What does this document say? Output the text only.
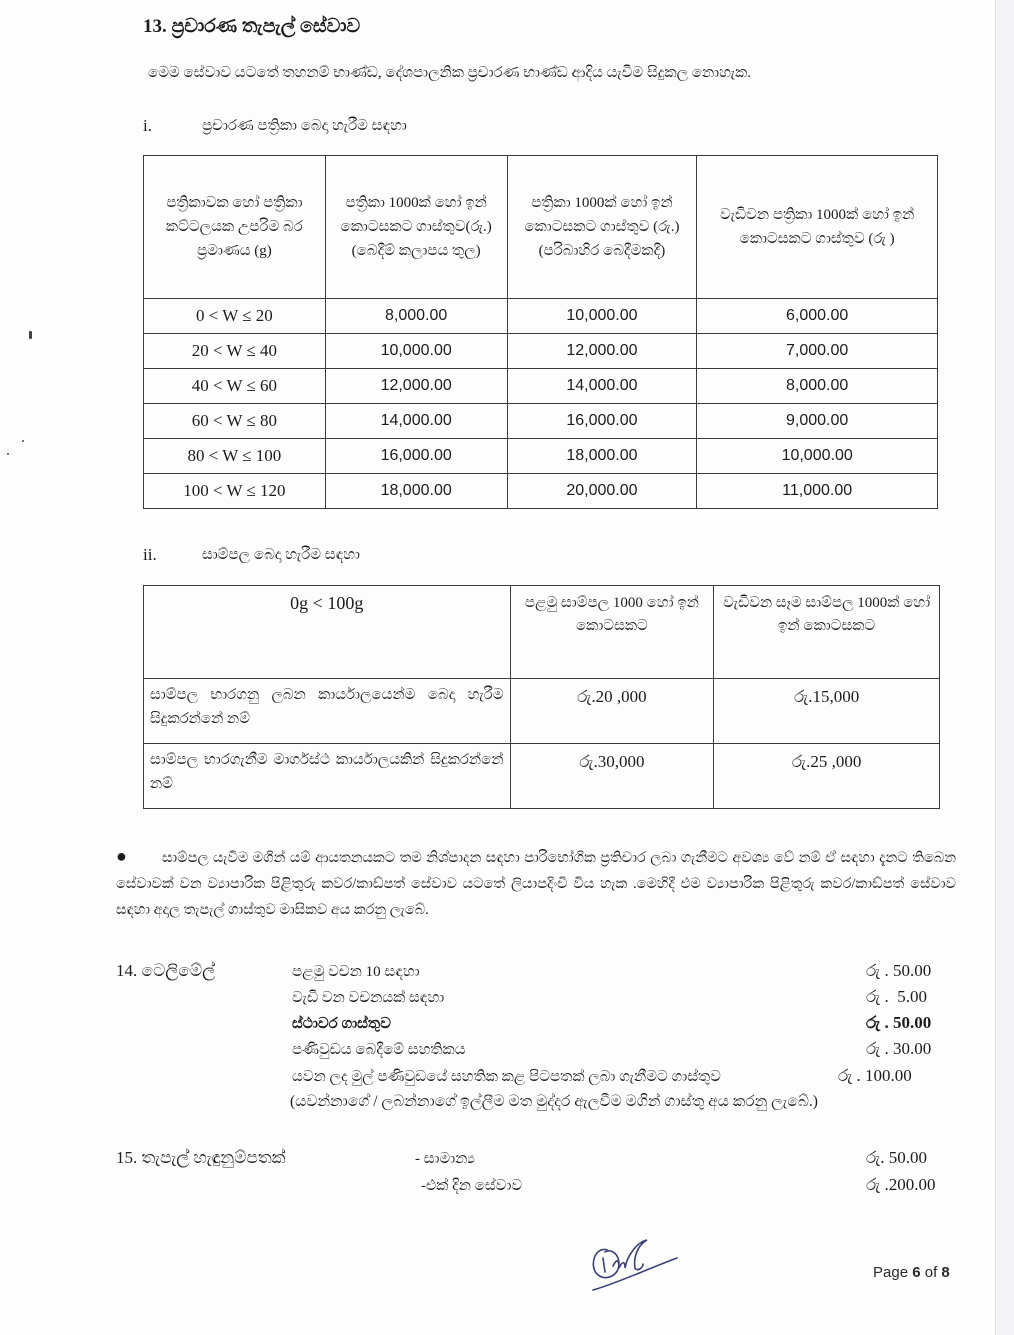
13. ප්‍රචාරණ තැපැල් සේවාව
මෙම සේවාව යටතේ තහනම් භාණ්ඩ, දේශපාලනික ප්‍රචාරණ භාණ්ඩ ආදිය යැවීම සිදුකල නොහැක.
i.	ප්‍රචාරණ පත්‍රිකා බෙදා හැරීම සඳහා
පත්‍රිකාවක හෝ පත්‍රිකා කට්ටලයක උපරිම බර ප්‍රමාණය (g)	පත්‍රිකා 1000ක් හෝ ඉන් කොටසකට ගාස්තුව(රු.) (බෙදීම් කලාපය තුල)	පත්‍රිකා 1000ක් හෝ ඉන් කොටසකට ගාස්තුව (රු.) (පරිබාහිර බෙදීමකදී)	වැඩිවන පත්‍රිකා 1000ක් හෝ ඉන් කොටසකට ගාස්තුව (රු )
0 < W ≤ 20	8,000.00	10,000.00	6,000.00
20 < W ≤ 40	10,000.00	12,000.00	7,000.00
40 < W ≤ 60	12,000.00	14,000.00	8,000.00
60 < W ≤ 80	14,000.00	16,000.00	9,000.00
80 < W ≤ 100	16,000.00	18,000.00	10,000.00
100 < W ≤ 120	18,000.00	20,000.00	11,000.00
ii.	සාම්පල බෙදා හැරීම සඳහා
0g < 100g	පළමු සාම්පල 1000 හෝ ඉන් කොටසකට	වැඩිවන සෑම සාම්පල 1000ක් හෝ ඉන් කොටසකට
සාම්පල භාරගනු ලබන කාර්යාලයෙන්ම බෙදා හැරීම සිදුකරන්නේ නම්	රු.20 ,000	රු.15,000
සාම්පල භාරගැනීම මාර්ගස්ථ කාර්යාලයකින් සිදුකරන්නේ නම්	රු.30,000	රු.25 ,000
● සාම්පල යැවීම මගින් යම් ආයතනයකට තම නිශ්පාදන සඳහා පාරිභෝගික ප්‍රතිචාර ලබා ගැනීමට අවශ්‍ය වේ නම් ඒ සඳහා දැනට තිබෙන සේවාවක් වන ව්‍යාපාරික පිළිතුරු කවර/කාඩ්පත් සේවාව යටතේ ලියාපදිංචි විය හැක .මෙහිදී එම ව්‍යාපාරික පිළිතුරු කවර/කාඩ්පත් සේවාව සඳහා අදාල තැපැල් ගාස්තුව මාසිකව අය කරනු ලැබේ.
14. ටෙලිමේල්	පළමු වචන 10 සඳහා	රු . 50.00
වැඩි වන වචනයක් සඳහා	රු .  5.00
ස්ථාවර ගාස්තුව	රු . 50.00
පණිවුඩය බෙදීමේ සහතිකය	රු . 30.00
යවන ලද මුල් පණිවුඩයේ සහතික කළ පිටපතක් ලබා ගැනීමට ගාස්තුව	රු . 100.00
(යවන්නාගේ / ලබන්නාගේ ඉල්ලීම මත මුද්දර ඇලවීම මගින් ගාස්තු අය කරනු ලැබේ.)
15. තැපැල් හැඳුනුම්පතක්	- සාමාන්‍ය	රු. 50.00
-එක් දින සේවාව	රු .200.00
Page 6 of 8
